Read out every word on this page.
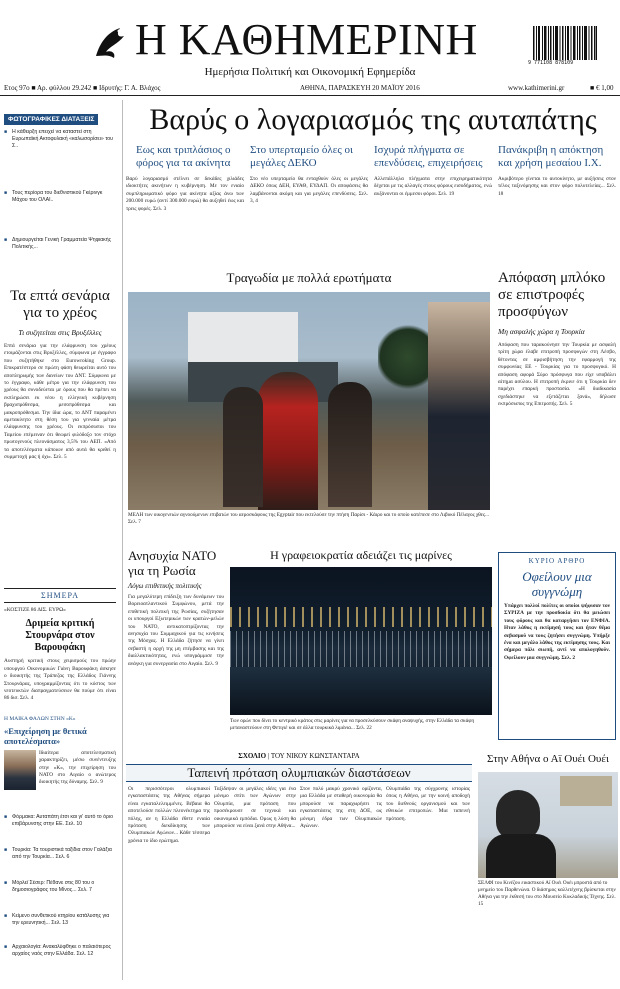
Η ΚΑΘΗΜΕΡΙΝΗ
Ημερήσια Πολιτική και Οικονομική Εφημερίδα
9 771108 878109
Ετος 97ο ■ Αρ. φύλλου 29.242 ■ Ιδρυτής: Γ. Α. Βλάχος	ΑΘΗΝΑ, ΠΑΡΑΣΚΕΥΗ 20 ΜΑΪΟΥ 2016	www.kathimerini.gr	■ € 1,00
ΦΩΤΟΓΡΑΦΙΚΕΣ ΔΙΑΤΑΞΕΙΣ
■ Η κάθειρξη επειχεί να καταστεί στη Ευρωπαϊκή Ακτοφυλακή «καλωσορίσει» του Σ..
■ Τους περίορα του διεθνιστικού Γκέρινγκ Μάχου του ΟΛΑΙ..
■ Δημιουργείται Γενική Γραμματεία Ψηφιακής Πολιτικής...
Τα επτά σενάρια για το χρέος
Τι συζητείται στις Βρυξέλλες
Επτά σενάρια για την ελάφρυνση του χρέους ετοιμάζονται στις Βρυξέλλες, σύμφωνα με έγγραφο που συζητήθηκε στο Eurowroking Group. Επικρατέστερο σε πρώτη φάση θεωρείται αυτό του αποπληρωμής των δανείων του ΔΝΤ. Σύμφωνα με το έγγραφο, κάθε μέτρο για την ελάφρυνση του χρέους θα συνοδεύεται με όρους που θα πρέπει να εκπληρώσει εκ νέου η ελληνική κυβέρνηση βραχυπρόθεσμα, μεσοπρόθεσμα και μακροπρόθεσμα. Την ίδια ώρα, το ΔΝΤ παραμένει αμετακίνητο στη θέση του για γενναία μέτρα ελάφρυνσης του χρέους. Οι εκπρόσωποι του Ταμείου επέμειναν ότι θεωρεί φιλόδοξο τον στόχο πρωτογενούς πλεονάσματος 3,5% του ΑΕΠ. «Από τα αποτελέσματα κάποιων από αυτά θα κριθεί η συμμετοχή μας ή όχι». Σελ. 5
ΣΗΜΕΡΑ
«ΚΟΣΤΙΖΕ 86 ΔΙΣ. ΕΥΡΩ»
Δριμεία κριτική Στουρνάρα στον Βαρουφάκη
Αυστηρή κριτική στους χειρισμούς του πρώην υπουργού Οικονομικών Γιάνη Βαρουφάκη άσκησε ο διοικητής της Τράπεζας της Ελλάδος Γιάννης Στουρνάρας, υπογραμμίζοντας ότι το κόστος των νεοτευκτών διαπραγματεύσεων θα πούμε ότι είναι 86 δισ. Σελ. 4
Η ΜΑΙΚΑ ΦΑΛΩΝ ΣΤΗΝ «Κ»
«Επιχείρηση με θετικά αποτελέσματα»
Ιδιαίτερα αποτελεσματική χαρακτηρίζει, μέσω συνέντευξης στην «Κ», την επιχείρηση του ΝΑΤΟ στο Αιγαίο ο ανώτερος διοικητής της δύναμης. Σελ. 9
■ Φόρμακα: Αυταπάτη έτσι και γι' αυτό το όριο επιβάρυνσης στην ΕΕ. Σελ. 10
■ Τουρκία: Τα τουριστικά ταξίδια στον Γαλάξια από την Τουρκία... Σελ. 6
■ Μόρλεϊ Σέσερ: Πέθανε στις 80 του ο δημοσιογράφος του Μίνος... Σελ. 7
■ Κείμενο συνθετικού κτηρίου κατάλυσης για την ερευνητική... Σελ. 13
■ Αρχαιολογία: Ανακαλύφθηκε ο παλαιότερος αρχαίος ναός στην Ελλάδα. Σελ. 12
Βαρύς ο λογαριασμός της αυταπάτης
Εως και τριπλάσιος ο φόρος για τα ακίνητα
Βαρύ λογαριασμό στέλνει σε δεκάδες χιλιάδες ιδιοκτήτες ακινήτων η κυβέρνηση. Με τον ενιαίο συμπληρωματικό φόρο για ακίνητα αξίας άνω των 200.000 ευρώ (αντί 300.000 ευρώ) θα αυξηθεί έως και τρεις φορές. Σελ. 3
Στο υπερταμείο όλες οι μεγάλες ΔΕΚΟ
Στο νέο υπερταμείο θα ενταχθούν όλες οι μεγάλες ΔΕΚΟ όπως ΔΕΗ, ΕΥΑΘ, ΕΥΔΑΠ. Οι αποφάσεις θα λαμβάνονται ακόμη και για μεγάλες επενδύσεις. Σελ. 3, 4
Ισχυρά πλήγματα σε επενδύσεις, επιχειρήσεις
Αλλεπάλληλα πλήγματα στην επιχειρηματικότητα δέχεται με τις αλλαγές στους φόρους εισοδήματος, ενώ αυξάνονται οι έμμεσοι φόροι. Σελ. 19
Πανάκριβη η απόκτηση και χρήση μεσαίου Ι.Χ.
Ακριβότερο γίνεται το αυτοκίνητο, με αυξήσεις στον τέλος ταξινόμησης και στον φόρο πολυτελείας... Σελ. 18
Τραγωδία με πολλά ερωτήματα
ΜΕΛΗ των οικογενειών αγνοούμενων επιβατών του αεροσκάφους της Egyptair που εκτελούσε την πτήση Παρίσι - Κάιρο και το οποίο κατέπεσε στο Λιβυκό Πέλαγος χθες... Σελ. 7
Απόφαση μπλόκο σε επιστροφές προσφύγων
Μη ασφαλής χώρα η Τουρκία
Απόφαση που ταρακούνησε την Τουρκία με ασφαλή τρίτη χώρα έλαβε επιτροπή προσφυγών στη Λέσβο, θέτοντας σε αμφισβήτηση την εφαρμογή της συμφωνίας ΕΕ - Τουρκίας για το προσφυγικό. Η απόφαση αφορά Σύρο πρόσφυγα που είχε υποβάλει αίτημα ασύλου. Η επιτροπή έκρινε ότι η Τουρκία δεν παρέχει επαρκή προστασία. «Η διαδικασία σχεδιάστηκε να εξετάζεται ξανά», δήλωσε εκπρόσωπος της Επιτροπής. Σελ. 5
Ανησυχία ΝΑΤΟ για τη Ρωσία
Λόγω επιθετικής πολιτικής
Για μεγαλύτερη επίδειξη των δυνάμεων του Βορειοατλαντικού Συμφώνου, μετά την επιθετική πολιτική της Ρωσίας, συζήτησαν οι υπουργοί Εξωτερικών των κρατών-μελών του ΝΑΤΟ, αντικατοπτρίζοντας την ανησυχία του Συμμαχικού για τις κινήσεις της Μόσχας. Η Ελλάδα ζήτησε να γίνει σεβαστή η αρχή της μη επέμβασης και της διαλλακτικότητας, ενώ υπογράμμισε την ανάγκη για συνεργασία στο Αιγαίο. Σελ. 9
Η γραφειοκρατία αδειάζει τις μαρίνες
Των ορών που δίνει το κεντρικό κράτος στις μαρίνες για να προσελκύσουν σκάφη αναψυχής, στην Ελλάδα τα σκάφη μεταναστεύουν στη Φετιγιέ και σε άλλα τουρκικά λιμάνια... Σελ. 22
ΚΥΡΙΟ ΑΡΘΡΟ
Οφείλουν μια συγγνώμη
Υπάρχει πολλοί πολίτες οι οποίοι ψήφισαν τον ΣΥΡΙΖΑ με την προσδοκία ότι θα μειώσει τους φόρους και θα καταργήσει τον ΕΝΦΙΑ. Ηταν λάθος η εκτίμησή τους και ήταν θέμα σεβασμού να τους ζητήσει συγγνώμη. Υπήρξε ένα και μεγάλο λάθος της εκτίμησης τους. Και σήμερα πάλι σιωπή, αντί να απολογηθούν. Οφείλουν μια συγγνώμη. Σελ. 2
ΣΧΟΛΙΟ | ΤΟΥ ΝΙΚΟΥ ΚΩΝΣΤΑΝΤΑΡΑ
Ταπεινή πρόταση ολυμπιακών διαστάσεων
Οι περισσότεροι ολυμπιακοί εγκαταστάσεις της Αθήνας σήμερα είναι εγκαταλελειμμένες. Βέβαια θα αποτελούσε πολλών πλεονέκτημα της πόλης, αν η Ελλάδα έθετε ενιαία πρόταση διεκδίκησης των Ολυμπιακών Αγώνων... Κάθε τέσσερα χρόνια το ίδιο ερώτημα.
Ταξίδεψαν οι μεγάλες ιδέες για ένα μόνιμο σπίτι των Αγώνων στην Ολυμπία, μια πρόταση που προσέκρουσε σε τεχνικά και οικονομικά εμπόδια. Ομως η λύση θα μπορούσε να είναι ξανά στην Αθήνα...
Στον πολύ μακρύ χρονικό ορίζοντα, μια Ελλάδα με σταθερή οικονομία θα μπορούσε να παραχωρήσει τις εγκαταστάσεις της στη ΔΟΕ, ως μόνιμη έδρα των Ολυμπιακών Αγώνων.
Ολυμπιάδα της σύγχρονης ιστορίας όπως η Αθήνα, με την κοινή αποδοχή του διεθνούς οργανισμού και των εθνικών επιτροπών. Μια ταπεινή πρόταση.
Στην Αθήνα ο Αϊ Ουέι Ουέι
ΣΕΛΦΙ του Κινέζου εικαστικού Αϊ Ουέι Ουέι μπροστά από το μνημείο του Παρθενώνα. Ο διάσημος καλλιτέχνης βρίσκεται στην Αθήνα για την έκθεσή του στο Μουσείο Κυκλαδικής Τέχνης. Σελ. 15
